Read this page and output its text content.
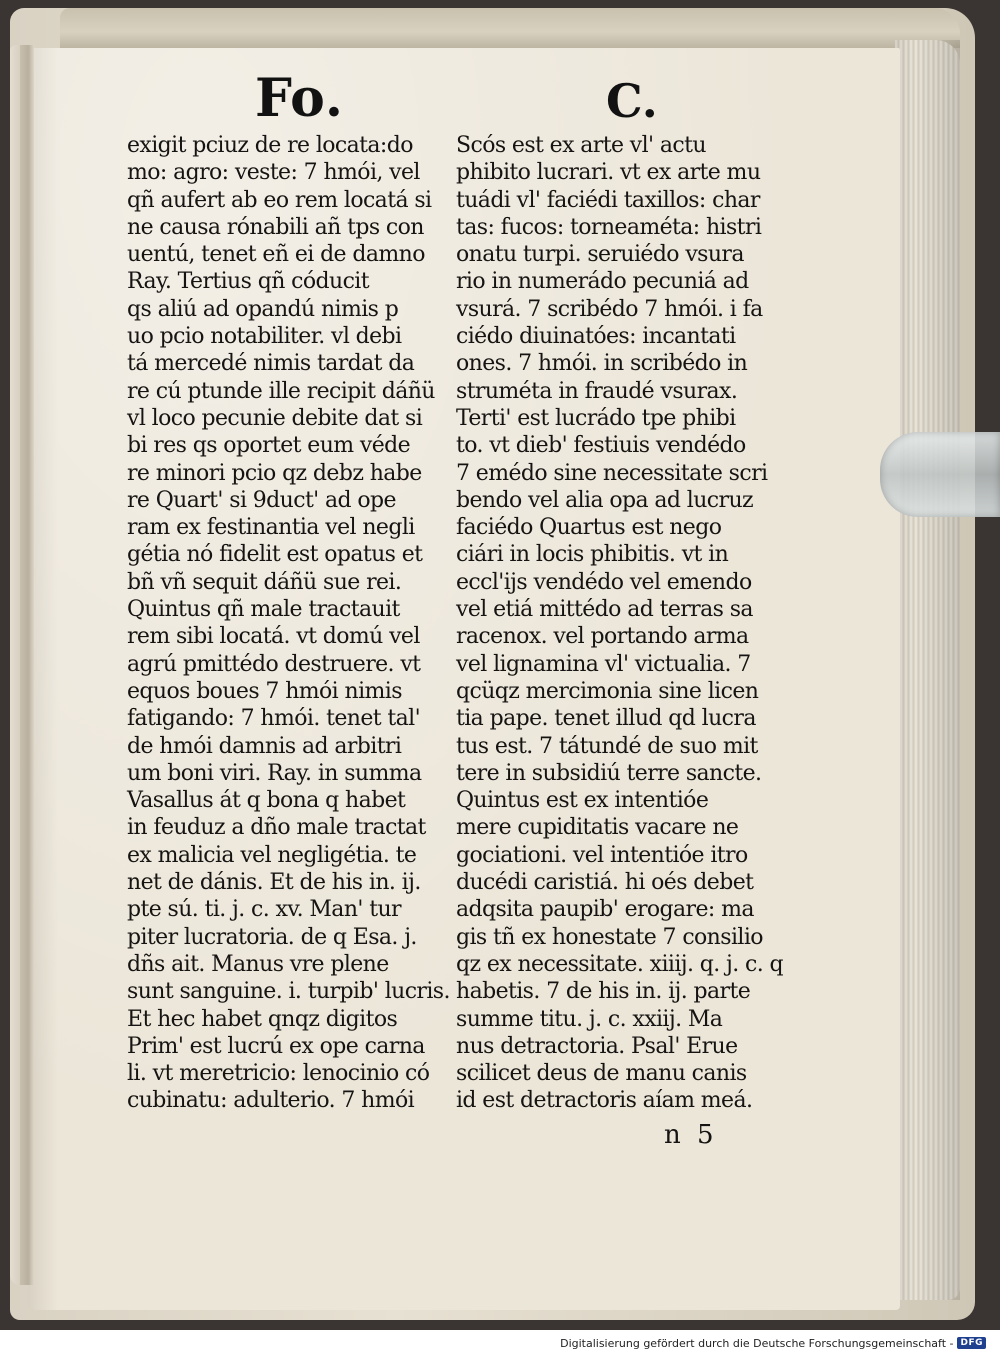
Fo.	C.
exigit pciuz de re locata:do
mo: agro: veste: 7 hmói, vel
qñ aufert ab eo rem locatá si
ne causa rónabili añ tps con
uentú, tenet eñ ei de damno
Ray. Tertius qñ códucit
qs aliú ad opandú nimis p
uo pcio notabiliter. vl debi
tá mercedé nimis tardat da
re cú ptunde ille recipit dáñü
vl loco pecunie debite dat si
bi res qs oportet eum véde
re minori pcio qz debz habe
re Quart' si 9duct' ad ope
ram ex festinantia vel negli
gétia nó fidelit est opatus et
bñ vñ sequit dáñü sue rei.
Quintus qñ male tractauit
rem sibi locatá. vt domú vel
agrú pmittédo destruere. vt
equos boues 7 hmói nimis
fatigando: 7 hmói. tenet tal'
de hmói damnis ad arbitri
um boni viri. Ray. in summa
Vasallus át q bona q habet
in feuduz a dño male tractat
ex malicia vel negligétia. te
net de dánis. Et de his in. ij.
pte sú. ti. j. c. xv. Man' tur
piter lucratoria. de q Esa. j.
dñs ait. Manus vre plene
sunt sanguine. i. turpib' lucris.
Et hec habet qnqz digitos
Prim' est lucrú ex ope carna
li. vt meretricio: lenocinio có
cubinatu: adulterio. 7 hmói
Scós est ex arte vl' actu
phibito lucrari. vt ex arte mu
tuádi vl' faciédi taxillos: char
tas: fucos: torneaméta: histri
onatu turpi. seruiédo vsura
rio in numerádo pecuniá ad
vsurá. 7 scribédo 7 hmói. i fa
ciédo diuinatóes: incantati
ones. 7 hmói. in scribédo in
struméta in fraudé vsurax.
Terti' est lucrádo tpe phibi
to. vt dieb' festiuis vendédo
7 emédo sine necessitate scri
bendo vel alia opa ad lucruz
faciédo Quartus est nego
ciári in locis phibitis. vt in
eccl'ijs vendédo vel emendo
vel etiá mittédo ad terras sa
racenox. vel portando arma
vel lignamina vl' victualia. 7
qcüqz mercimonia sine licen
tia pape. tenet illud qd lucra
tus est. 7 tátundé de suo mit
tere in subsidiú terre sancte.
Quintus est ex intentióe
mere cupiditatis vacare ne
gociationi. vel intentióe itro
ducédi caristiá. hi oés debet
adqsita paupib' erogare: ma
gis tñ ex honestate 7 consilio
qz ex necessitate. xiiij. q. j. c. q
habetis. 7 de his in. ij. parte
summe titu. j. c. xxiij. Ma
nus detractoria. Psal' Erue
scilicet deus de manu canis
id est detractoris aíam meá.
n 5
Digitalisierung gefördert durch die Deutsche Forschungsgemeinschaft - DFG
